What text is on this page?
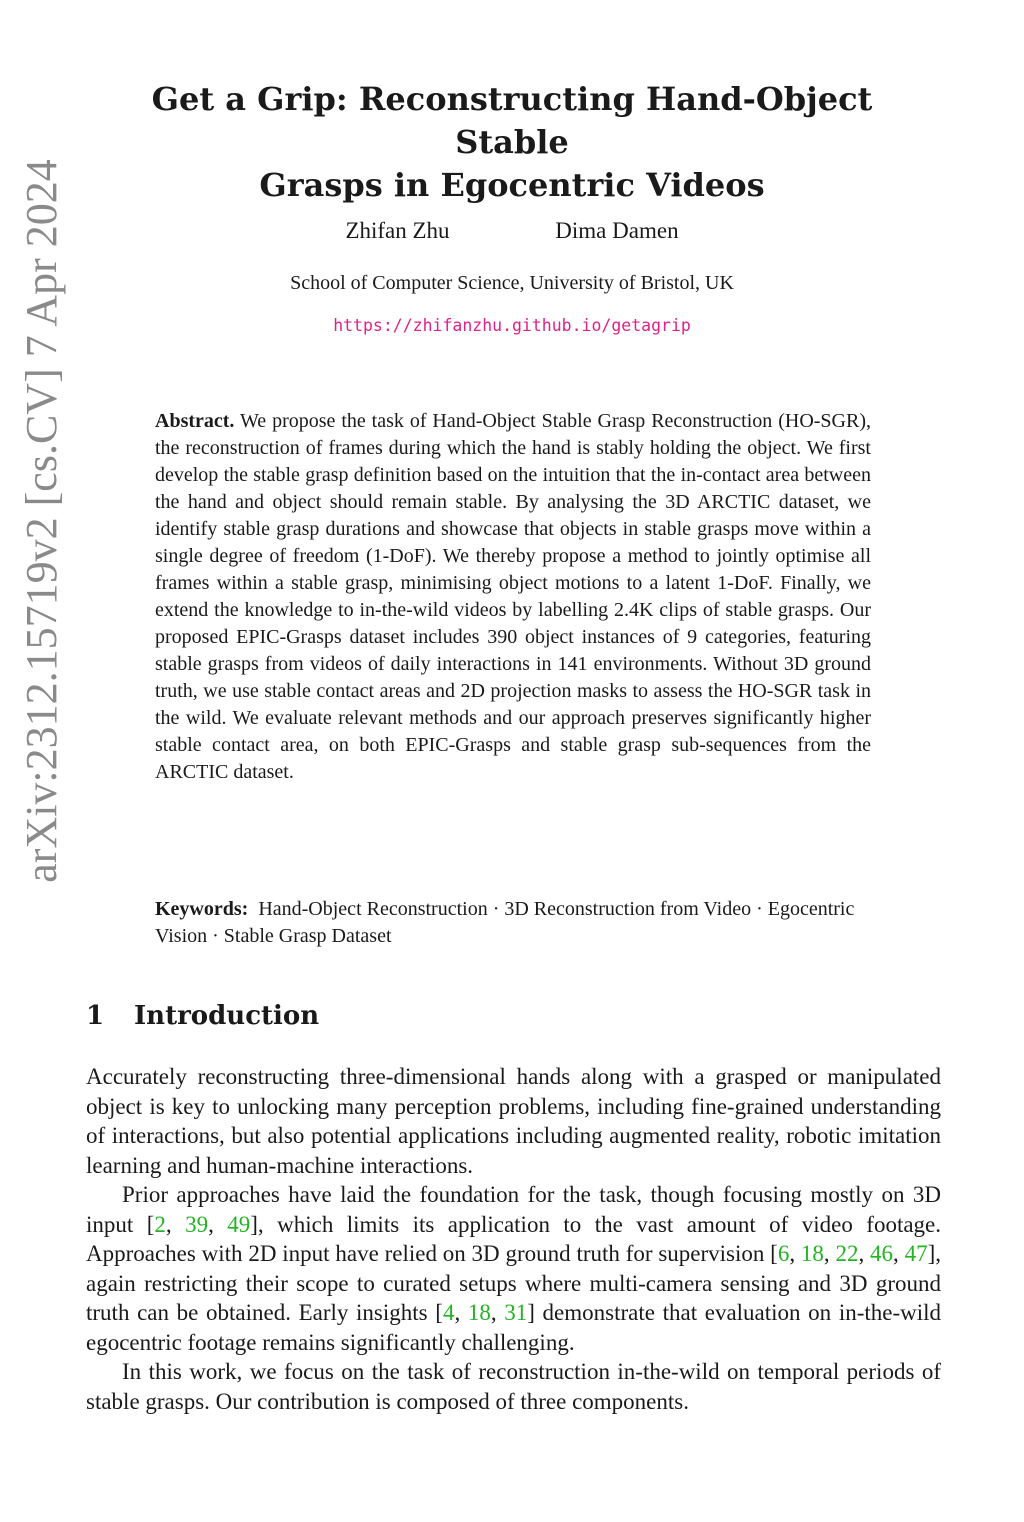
arXiv:2312.15719v2 [cs.CV] 7 Apr 2024
Get a Grip: Reconstructing Hand-Object Stable
Grasps in Egocentric Videos
Zhifan Zhu	Dima Damen
School of Computer Science, University of Bristol, UK
https://zhifanzhu.github.io/getagrip

Abstract. We propose the task of Hand-Object Stable Grasp Reconstruction (HO-SGR), the reconstruction of frames during which the hand is stably holding the object. We first develop the stable grasp definition based on the intuition that the in-contact area between the hand and object should remain stable. By analysing the 3D ARCTIC dataset, we identify stable grasp durations and showcase that objects in stable grasps move within a single degree of freedom (1-DoF). We thereby propose a method to jointly optimise all frames within a stable grasp, minimising object motions to a latent 1-DoF. Finally, we extend the knowledge to in-the-wild videos by labelling 2.4K clips of stable grasps. Our proposed EPIC-Grasps dataset includes 390 object instances of 9 categories, featuring stable grasps from videos of daily interactions in 141 environments. Without 3D ground truth, we use stable contact areas and 2D projection masks to assess the HO-SGR task in the wild. We evaluate relevant methods and our approach preserves significantly higher stable contact area, on both EPIC-Grasps and stable grasp sub-sequences from the ARCTIC dataset.

Keywords: Hand-Object Reconstruction · 3D Reconstruction from Video · Egocentric Vision · Stable Grasp Dataset

1 Introduction

Accurately reconstructing three-dimensional hands along with a grasped or manipulated object is key to unlocking many perception problems, including fine-grained understanding of interactions, but also potential applications including augmented reality, robotic imitation learning and human-machine interactions.

Prior approaches have laid the foundation for the task, though focusing mostly on 3D input [2, 39, 49], which limits its application to the vast amount of video footage. Approaches with 2D input have relied on 3D ground truth for supervision [6, 18, 22, 46, 47], again restricting their scope to curated setups where multi-camera sensing and 3D ground truth can be obtained. Early insights [4, 18, 31] demonstrate that evaluation on in-the-wild egocentric footage remains significantly challenging.

In this work, we focus on the task of reconstruction in-the-wild on temporal periods of stable grasps. Our contribution is composed of three components.
